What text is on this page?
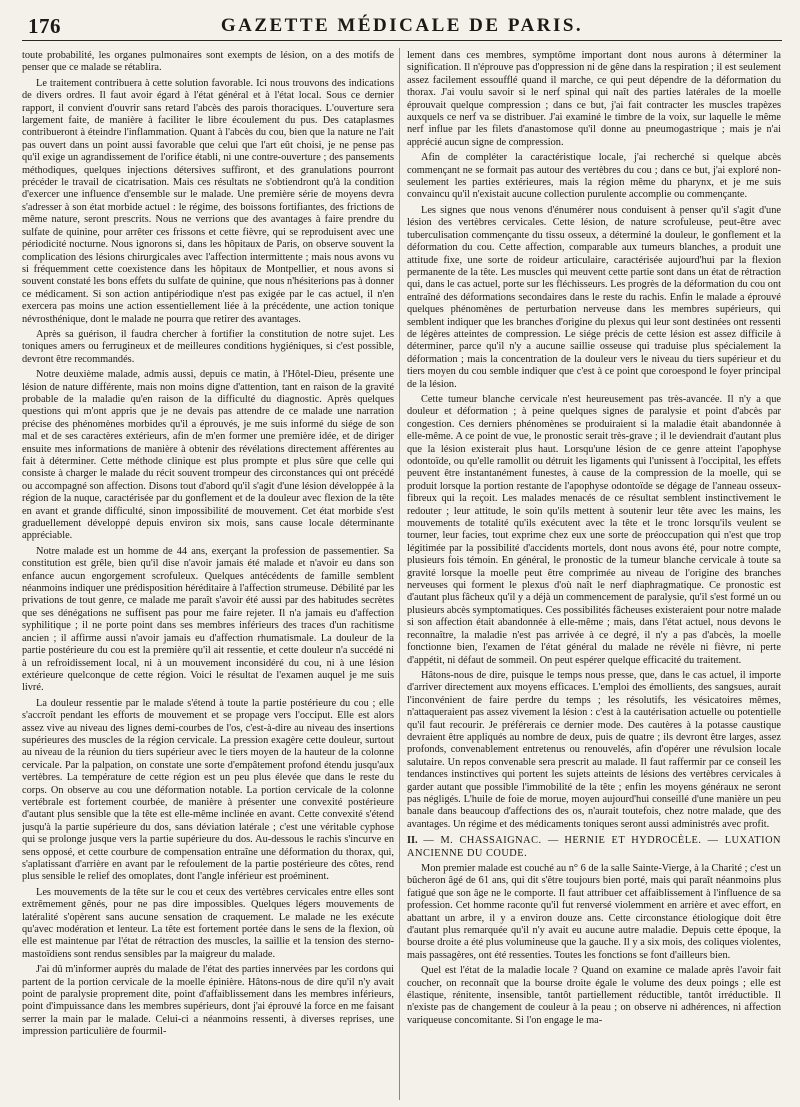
176	GAZETTE MÉDICALE DE PARIS.

toute probabilité, les organes pulmonaires sont exempts de lésion, on a des motifs de penser que ce malade se rétablira.

Le traitement contribuera à cette solution favorable. Ici nous trouvons des indications de divers ordres. Il faut avoir égard à l'état général et à l'état local. Sous ce dernier rapport, il convient d'ouvrir sans retard l'abcès des parois thoraciques. L'ouverture sera largement faite, de manière à faciliter le libre écoulement du pus. Des cataplasmes contribueront à éteindre l'inflammation. Quant à l'abcès du cou, bien que la nature ne l'ait pas ouvert dans un point aussi favorable que celui que l'art eût choisi, je ne pense pas qu'il exige un agrandissement de l'orifice établi, ni une contre-ouverture ; des pansements méthodiques, quelques injections détersives suffiront, et des granulations pourront précéder le travail de cicatrisation. Mais ces résultats ne s'obtiendront qu'à la condition d'exercer une influence d'ensemble sur le malade. Une première série de moyens devra s'adresser à son état morbide actuel : le régime, des boissons fortifiantes, des frictions de même nature, seront prescrits. Nous ne verrions que des avantages à faire prendre du sulfate de quinine, pour arrêter ces frissons et cette fièvre, qui se reproduisent avec une périodicité nocturne. Nous ignorons si, dans les hôpitaux de Paris, on observe souvent la complication des lésions chirurgicales avec l'affection intermittente ; mais nous avons vu si fréquemment cette coexistence dans les hôpitaux de Montpellier, et nous avons si souvent constaté les bons effets du sulfate de quinine, que nous n'hésiterions pas à donner ce médicament. Si son action antipériodique n'est pas exigée par le cas actuel, il n'en exercera pas moins une action essentiellement liée à la précédente, une action tonique névrosthénique, dont le malade ne pourra que retirer des avantages.

Après sa guérison, il faudra chercher à fortifier la constitution de notre sujet. Les toniques amers ou ferrugineux et de meilleures conditions hygiéniques, si c'est possible, devront être recommandés.

Notre deuxième malade, admis aussi, depuis ce matin, à l'Hôtel-Dieu, présente une lésion de nature différente, mais non moins digne d'attention, tant en raison de la gravité probable de la maladie qu'en raison de la difficulté du diagnostic. Après quelques questions qui m'ont appris que je ne devais pas attendre de ce malade une narration précise des phénomènes morbides qu'il a éprouvés, je me suis informé du siége de son mal et de ses caractères extérieurs, afin de m'en former une première idée, et de diriger ensuite mes informations de manière à obtenir des révélations directement afférentes au fait à déterminer. Cette méthode clinique est plus prompte et plus sûre que celle qui consiste à charger le malade du récit souvent trompeur des circonstances qui ont précédé ou accompagné son affection. Disons tout d'abord qu'il s'agit d'une lésion développée à la région de la nuque, caractérisée par du gonflement et de la douleur avec flexion de la tête en avant et grande difficulté, sinon impossibilité de mouvement. Cet état morbide s'est graduellement développé depuis environ six mois, sans cause locale déterminante appréciable.

Notre malade est un homme de 44 ans, exerçant la profession de passementier. Sa constitution est grêle, bien qu'il dise n'avoir jamais été malade et n'avoir eu dans son enfance aucun engorgement scrofuleux. Quelques antécédents de famille semblent néanmoins indiquer une prédisposition héréditaire à l'affection strumeuse. Débilité par les privations de tout genre, ce malade me paraît s'avoir été aussi par des habitudes secrètes que ses dénégations ne suffisent pas pour me faire rejeter. Il n'a jamais eu d'affection syphilitique ; il ne porte point dans ses membres inférieurs des traces d'un rachitisme ancien ; il affirme aussi n'avoir jamais eu d'affection rhumatismale. La douleur de la partie postérieure du cou est la première qu'il ait ressentie, et cette douleur n'a succédé ni à un refroidissement local, ni à un mouvement inconsidéré du cou, ni à une lésion extérieure quelconque de cette région. Voici le résultat de l'examen auquel je me suis livré.

La douleur ressentie par le malade s'étend à toute la partie postérieure du cou ; elle s'accroît pendant les efforts de mouvement et se propage vers l'occiput. Elle est alors assez vive au niveau des lignes demi-courbes de l'os, c'est-à-dire au niveau des insertions supérieures des muscles de la région cervicale. La pression exagère cette douleur, surtout au niveau de la réunion du tiers supérieur avec le tiers moyen de la hauteur de la colonne cervicale. Par la palpation, on constate une sorte d'empâtement profond étendu jusqu'aux vertèbres. La température de cette région est un peu plus élevée que dans le reste du corps. On observe au cou une déformation notable. La portion cervicale de la colonne vertébrale est fortement courbée, de manière à présenter une convexité postérieure d'autant plus sensible que la tête est elle-même inclinée en avant. Cette convexité s'étend jusqu'à la partie supérieure du dos, sans déviation latérale ; c'est une véritable cyphose qui se prolonge jusque vers la partie supérieure du dos. Au-dessous le rachis s'incurve en sens opposé, et cette courbure de compensation entraîne une déformation du thorax, qui, s'aplatissant d'arrière en avant par le refoulement de la partie postérieure des côtes, rend plus sensible le relief des omoplates, dont l'angle inférieur est proéminent.

Les mouvements de la tête sur le cou et ceux des vertèbres cervicales entre elles sont extrêmement gênés, pour ne pas dire impossibles. Quelques légers mouvements de latéralité s'opèrent sans aucune sensation de craquement. Le malade ne les exécute qu'avec modération et lenteur. La tête est fortement portée dans le sens de la flexion, où elle est maintenue par l'état de rétraction des muscles, la saillie et la tension des sterno-mastoïdiens sont rendus sensibles par la maigreur du malade.

J'ai dû m'informer auprès du malade de l'état des parties innervées par les cordons qui partent de la portion cervicale de la moelle épinière. Hâtons-nous de dire qu'il n'y avait point de paralysie proprement dite, point d'affaiblissement dans les membres inférieurs, point d'impuissance dans les membres supérieurs, dont j'ai éprouvé la force en me faisant serrer la main par le malade. Celui-ci a néanmoins ressenti, à diverses reprises, une impression particulière de fourmil-

lement dans ces membres, symptôme important dont nous aurons à déterminer la signification. Il n'éprouve pas d'oppression ni de gêne dans la respiration ; il est seulement assez facilement essoufflé quand il marche, ce qui peut dépendre de la déformation du thorax. J'ai voulu savoir si le nerf spinal qui naît des parties latérales de la moelle éprouvait quelque compression ; dans ce but, j'ai fait contracter les muscles trapèzes auxquels ce nerf va se distribuer. J'ai examiné le timbre de la voix, sur laquelle le même nerf influe par les filets d'anastomose qu'il donne au pneumogastrique ; mais je n'ai apprécié aucun signe de compression.

Afin de compléter la caractéristique locale, j'ai recherché si quelque abcès commençant ne se formait pas autour des vertèbres du cou ; dans ce but, j'ai exploré non-seulement les parties extérieures, mais la région même du pharynx, et je me suis convaincu qu'il n'existait aucune collection purulente accomplie ou commençante.

Les signes que nous venons d'énumérer nous conduisent à penser qu'il s'agit d'une lésion des vertèbres cervicales. Cette lésion, de nature scrofuleuse, peut-être avec tuberculisation commençante du tissu osseux, a déterminé la douleur, le gonflement et la déformation du cou. Cette affection, comparable aux tumeurs blanches, a produit une attitude fixe, une sorte de roideur articulaire, caractérisée aujourd'hui par la flexion permanente de la tête. Les muscles qui meuvent cette partie sont dans un état de rétraction qui, dans le cas actuel, porte sur les fléchisseurs. Les progrès de la déformation du cou ont entraîné des déformations secondaires dans le reste du rachis. Enfin le malade a éprouvé quelques phénomènes de perturbation nerveuse dans les membres supérieurs, qui semblent indiquer que les branches d'origine du plexus qui leur sont destinées ont ressenti de légères atteintes de compression. Le siége précis de cette lésion est assez difficile à déterminer, parce qu'il n'y a aucune saillie osseuse qui traduise plus spécialement la déformation ; mais la concentration de la douleur vers le niveau du tiers supérieur et du tiers moyen du cou semble indiquer que c'est à ce point que coroespond le foyer principal de la lésion.

Cette tumeur blanche cervicale n'est heureusement pas très-avancée. Il n'y a que douleur et déformation ; à peine quelques signes de paralysie et point d'abcès par congestion. Ces derniers phénomènes se produiraient si la maladie était abandonnée à elle-même. A ce point de vue, le pronostic serait très-grave ; il le deviendrait d'autant plus que la lésion existerait plus haut. Lorsqu'une lésion de ce genre atteint l'apophyse odontoïde, ou qu'elle ramollit ou détruit les ligaments qui l'unissent à l'occipital, les effets peuvent être instantanément funestes, à cause de la compression de la moelle, qui se produit lorsque la portion restante de l'apophyse odontoïde se dégage de l'anneau osseux-fibreux qui la reçoit. Les malades menacés de ce résultat semblent instinctivement le redouter ; leur attitude, le soin qu'ils mettent à soutenir leur tête avec les mains, les mouvements de totalité qu'ils exécutent avec la tête et le tronc lorsqu'ils veulent se tourner, leur facies, tout exprime chez eux une sorte de préoccupation qui n'est que trop légitimée par la possibilité d'accidents mortels, dont nous avons été, pour notre compte, plusieurs fois témoin. En général, le pronostic de la tumeur blanche cervicale à toute sa gravité lorsque la moelle peut être comprimée au niveau de l'origine des branches nerveuses qui forment le plexus d'où naît le nerf diaphragmatique. Ce pronostic est d'autant plus fâcheux qu'il y a déjà un commencement de paralysie, qu'il s'est formé un ou plusieurs abcès symptomatiques. Ces possibilités fâcheuses existeraient pour notre malade si son affection était abandonnée à elle-même ; mais, dans l'état actuel, nous devons le reconnaître, la maladie n'est pas arrivée à ce degré, il n'y a pas d'abcès, la moelle fonctionne bien, l'examen de l'état général du malade ne révèle ni fièvre, ni perte d'appétit, ni défaut de sommeil. On peut espérer quelque efficacité du traitement.

Hâtons-nous de dire, puisque le temps nous presse, que, dans le cas actuel, il importe d'arriver directement aux moyens efficaces. L'emploi des émollients, des sangsues, aurait l'inconvénient de faire perdre du temps ; les résolutifs, les vésicatoires mêmes, n'attaqueraient pas assez vivement la lésion : c'est à la cautérisation actuelle ou potentielle qu'il faut recourir. Je préférerais ce dernier mode. Des cautères à la potasse caustique devraient être appliqués au nombre de deux, puis de quatre ; ils devront être larges, assez profonds, convenablement entretenus ou renouvelés, afin d'opérer une révulsion locale salutaire. Un repos convenable sera prescrit au malade. Il faut raffermir par ce conseil les tendances instinctives qui portent les sujets atteints de lésions des vertèbres cervicales à garder autant que possible l'immobilité de la tête ; enfin les moyens généraux ne seront pas négligés. L'huile de foie de morue, moyen aujourd'hui conseillé d'une manière un peu banale dans beaucoup d'affections des os, n'aurait toutefois, chez notre malade, que des avantages. Un régime et des médicaments toniques seront aussi administrés avec profit.

II. — M. CHASSAIGNAC. — HERNIE ET HYDROCÈLE. — LUXATION ANCIENNE DU COUDE.

Mon premier malade est couché au n° 6 de la salle Sainte-Vierge, à la Charité ; c'est un bûcheron âgé de 61 ans, qui dit s'être toujours bien porté, mais qui paraît néanmoins plus fatigué que son âge ne le comporte. Il faut attribuer cet affaiblissement à l'influence de sa profession. Cet homme raconte qu'il fut renversé violemment en arrière et avec effort, en abattant un arbre, il y a environ douze ans. Cette circonstance étiologique doit être d'autant plus remarquée qu'il n'y avait eu aucune autre maladie. Depuis cette époque, la bourse droite a été plus volumineuse que la gauche. Il y a six mois, des coliques violentes, mais passagères, ont été ressenties. Toutes les fonctions se font d'ailleurs bien.

Quel est l'état de la maladie locale ? Quand on examine ce malade après l'avoir fait coucher, on reconnaît que la bourse droite égale le volume des deux poings ; elle est élastique, rénitente, insensible, tantôt partiellement réductible, tantôt irréductible. Il n'existe pas de changement de couleur à la peau ; on observe ni adhérences, ni affection variqueuse concomitante. Si l'on engage le ma-
